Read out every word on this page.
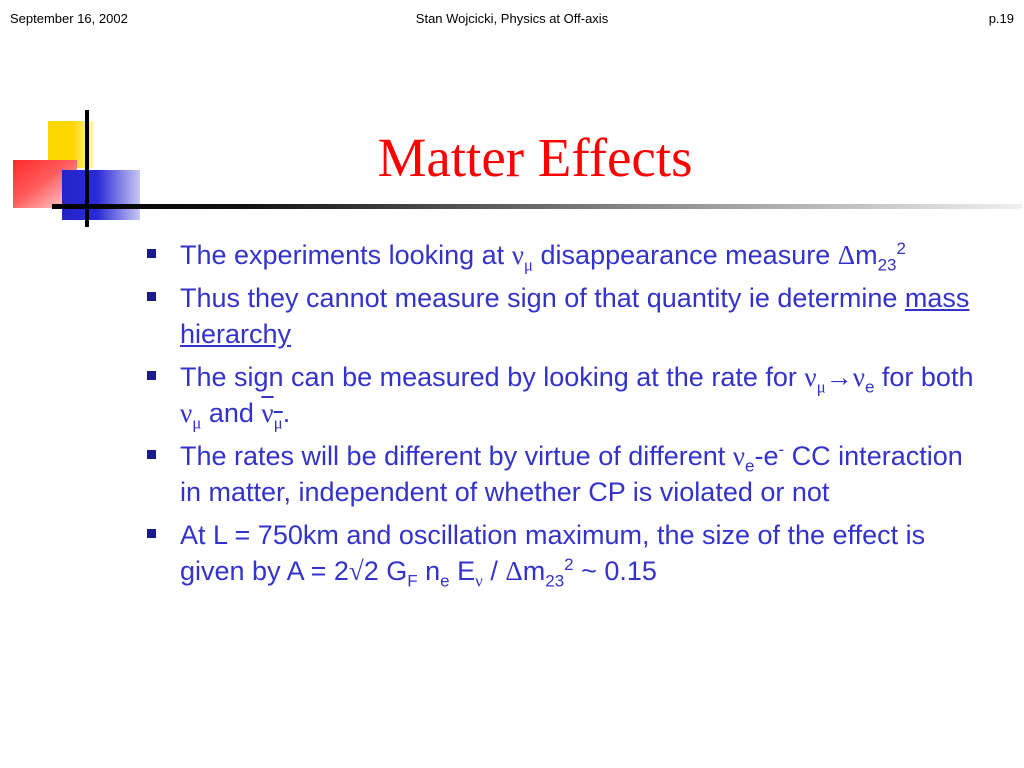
September 16, 2002	Stan Wojcicki, Physics at Off-axis	p.19
Matter Effects
The experiments looking at $\nu_\mu$ disappearance measure $\Delta m_{23}^2$
Thus they cannot measure sign of that quantity ie determine mass hierarchy
The sign can be measured by looking at the rate for $\nu_\mu\to\nu_e$ for both $\nu_\mu$ and $\nu_\mu$.
The rates will be different by virtue of different $\nu_e-e^-$ CC interaction in matter, independent of whether CP is violated or not
At L = 750km and oscillation maximum, the size of the effect is given by A = 2√2 $G_F$ $n_e$ $E_\nu / \Delta m_{23}^2$ ~ 0.15
